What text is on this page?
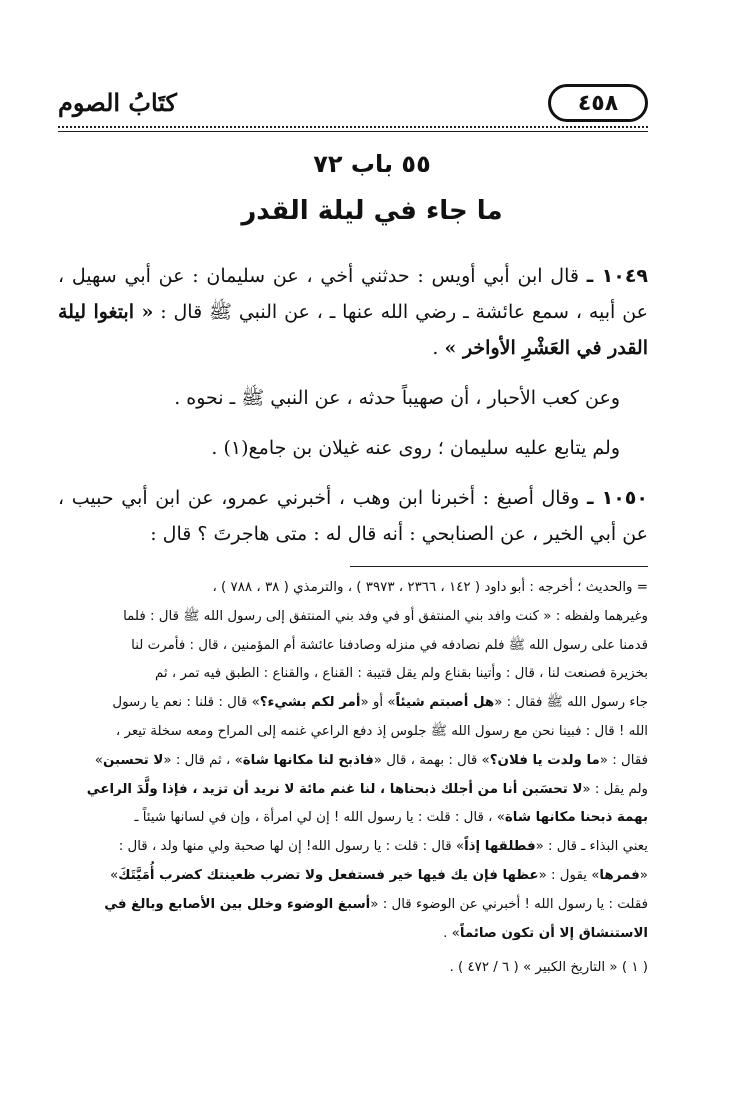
٤٥٨
كتَابُ الصوم
٥٥ باب ٧٢
ما جاء في ليلة القدر

١٠٤٩ ـ قال ابن أبي أويس : حدثني أخي ، عن سليمان : عن أبي سهيل ، عن أبيه ، سمع عائشة ـ رضي الله عنها ـ ، عن النبي ﷺ قال : « ابتغوا ليلة القدر في العَشْرِ الأواخر » .

وعن كعب الأحبار ، أن صهيباً حدثه ، عن النبي ﷺ ـ نحوه .

ولم يتابع عليه سليمان ؛ روى عنه غيلان بن جامع(١) .

١٠٥٠ ـ وقال أصبغ : أخبرنا ابن وهب ، أخبرني عمرو، عن ابن أبي حبيب ، عن أبي الخير ، عن الصنابحي : أنه قال له : متى هاجرتَ ؟ قال :

= والحديث ؛ أخرجه : أبو داود ( ١٤٢ ، ٢٣٦٦ ، ٣٩٧٣ ) ، والترمذي ( ٣٨ ، ٧٨٨ ) ،

وغيرهما ولفظه : « كنت وافد بني المنتفق أو في وفد بني المنتفق إلى رسول الله ﷺ قال : فلما

قدمنا على رسول الله ﷺ فلم نصادفه في منزله وصادفنا عائشة أم المؤمنين ، قال : فأمرت لنا

بخزيرة فصنعت لنا ، قال : وأتينا بقناع ولم يقل قتيبة : القناع ، والقناع : الطبق فيه تمر ، ثم

جاء رسول الله ﷺ فقال : «هل أصبتم شيئاً» أو «أمر لكم بشيء؟» قال : قلنا : نعم يا رسول

الله ! قال : فبينا نحن مع رسول الله ﷺ جلوس إذ دفع الراعي غنمه إلى المراح ومعه سخلة تيعر ،

فقال : «ما ولدت يا فلان؟» قال : بهمة ، قال «فاذبح لنا مكانها شاة» ، ثم قال : «لا تحسبن»

ولم يقل : «لا تحسَبن أنا من أجلك ذبحناها ، لنا غنم مائة لا نريد أن تزيد ، فإذا ولَّدَ الراعي

بهمة ذبحنا مكانها شاة» ، قال : قلت : يا رسول الله ! إن لي امرأة ، وإن في لسانها شيئاً ـ

يعني البذاء ـ قال : «فطلقها إذاً» قال : قلت : يا رسول الله! إن لها صحبة ولي منها ولد ، قال :

«فمرها» يقول : «عظها فإن يك فيها خير فستفعل ولا تضرب ظعينتك كضرب أُمَيَّتَكَ»

فقلت : يا رسول الله ! أخبرني عن الوضوء قال : «أسبغ الوضوء وخلل بين الأصابع وبالغ في

الاستنشاق إلا أن تكون صائماً» .

( ١ ) « التاريخ الكبير » ( ٦ / ٤٧٢ ) .
